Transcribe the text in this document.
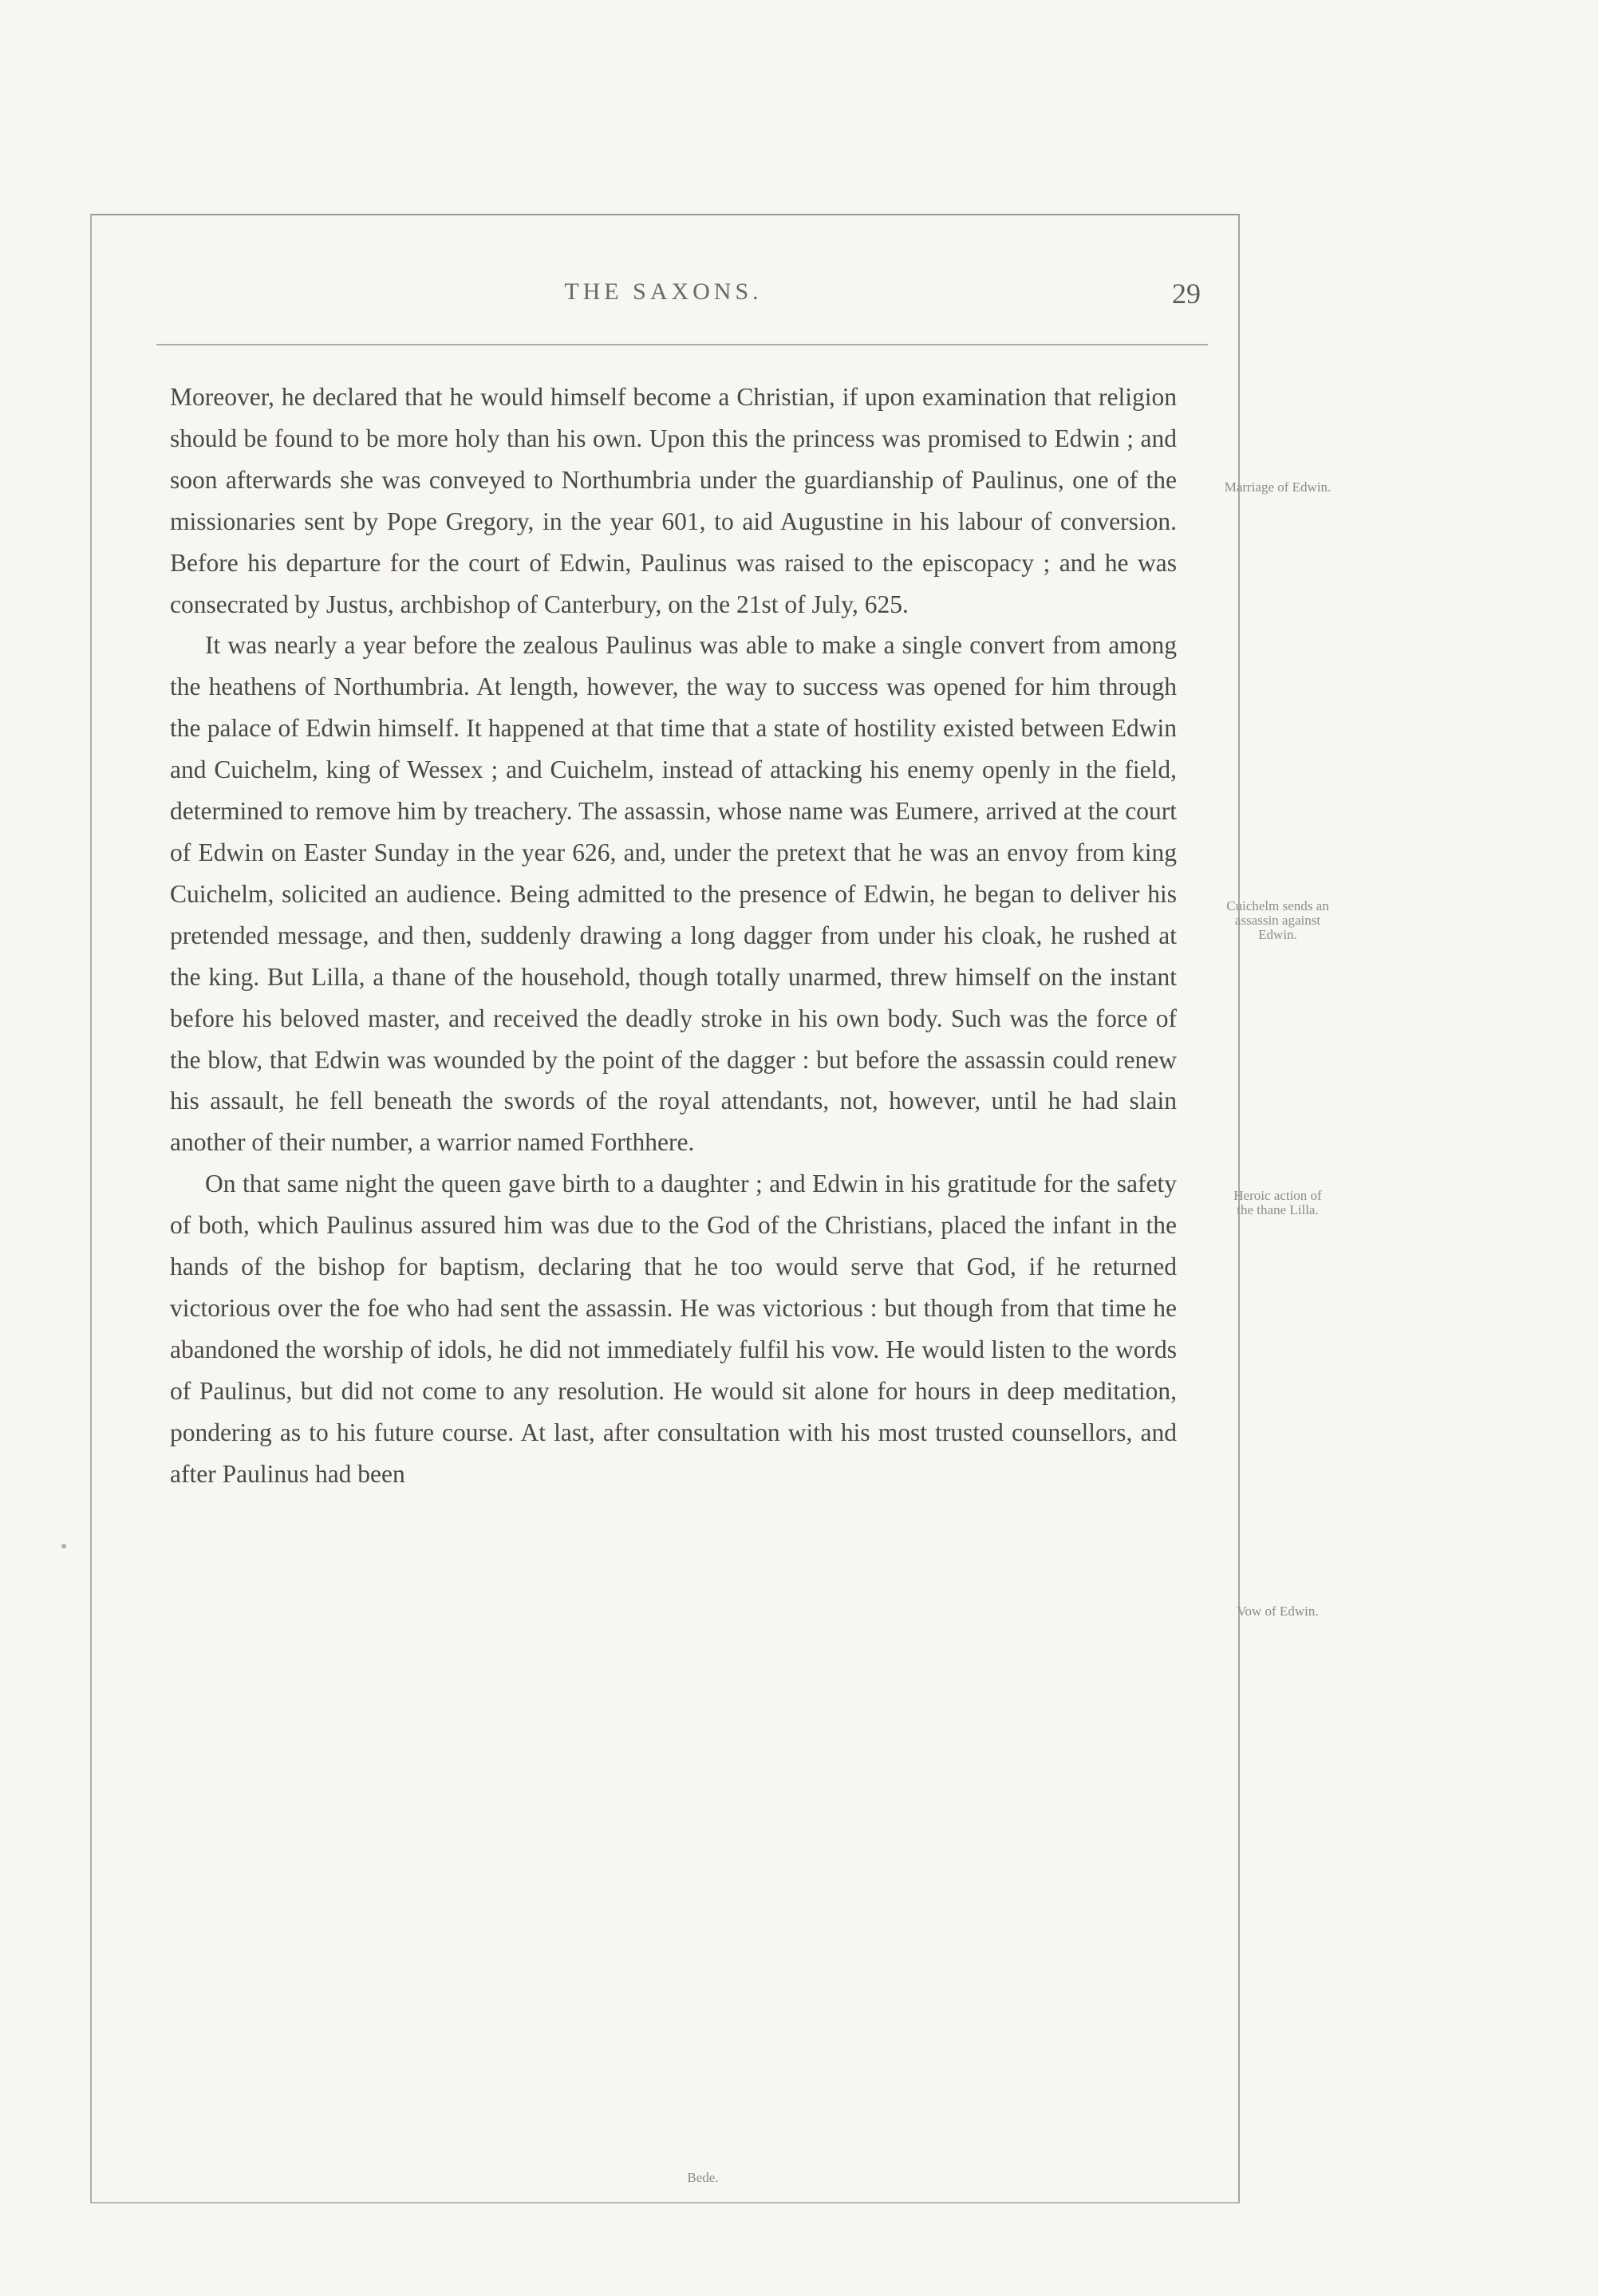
THE SAXONS.	29

Moreover, he declared that he would himself become a Christian, if upon examination that religion should be found to be more holy than his own. Upon this the princess was promised to Edwin ; and soon afterwards she was conveyed to Northumbria under the guardianship of Paulinus, one of the missionaries sent by Pope Gregory, in the year 601, to aid Augustine in his labour of conversion. Before his departure for the court of Edwin, Paulinus was raised to the episcopacy ; and he was consecrated by Justus, archbishop of Canterbury, on the 21st of July, 625.

It was nearly a year before the zealous Paulinus was able to make a single convert from among the heathens of Northumbria. At length, however, the way to success was opened for him through the palace of Edwin himself. It happened at that time that a state of hostility existed between Edwin and Cuichelm, king of Wessex ; and Cuichelm, instead of attacking his enemy openly in the field, determined to remove him by treachery. The assassin, whose name was Eumere, arrived at the court of Edwin on Easter Sunday in the year 626, and, under the pretext that he was an envoy from king Cuichelm, solicited an audience. Being admitted to the presence of Edwin, he began to deliver his pretended message, and then, suddenly drawing a long dagger from under his cloak, he rushed at the king. But Lilla, a thane of the household, though totally unarmed, threw himself on the instant before his beloved master, and received the deadly stroke in his own body. Such was the force of the blow, that Edwin was wounded by the point of the dagger : but before the assassin could renew his assault, he fell beneath the swords of the royal attendants, not, however, until he had slain another of their number, a warrior named Forthhere.

On that same night the queen gave birth to a daughter ; and Edwin in his gratitude for the safety of both, which Paulinus assured him was due to the God of the Christians, placed the infant in the hands of the bishop for baptism, declaring that he too would serve that God, if he returned victorious over the foe who had sent the assassin. He was victorious : but though from that time he abandoned the worship of idols, he did not immediately fulfil his vow. He would listen to the words of Paulinus, but did not come to any resolution. He would sit alone for hours in deep meditation, pondering as to his future course. At last, after consultation with his most trusted counsellors, and after Paulinus had been

Marriage of Edwin.
Cuichelm sends an assassin against Edwin.
Heroic action of the thane Lilla.
Vow of Edwin.
Bede.
